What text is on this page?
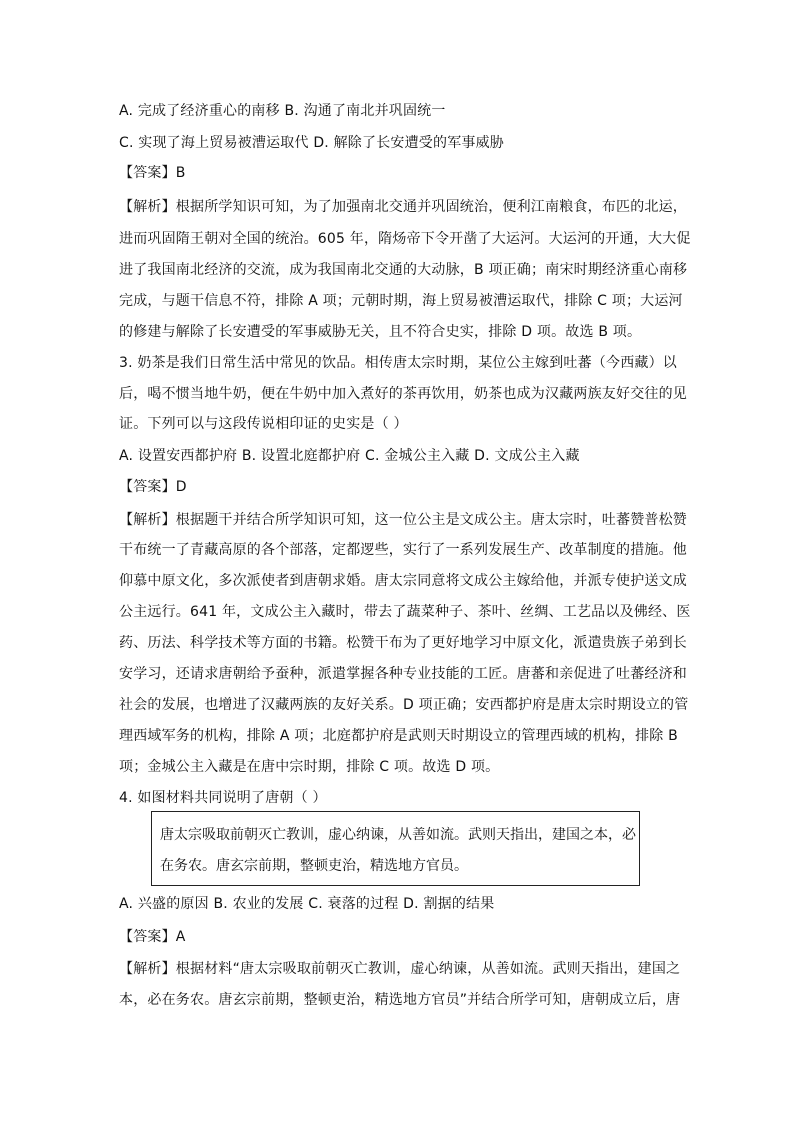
A. 完成了经济重心的南移 B. 沟通了南北并巩固统一
C. 实现了海上贸易被漕运取代 D. 解除了长安遭受的军事威胁
【答案】B
【解析】根据所学知识可知，为了加强南北交通并巩固统治，便利江南粮食，布匹的北运，
进而巩固隋王朝对全国的统治。605 年，隋炀帝下令开凿了大运河。大运河的开通，大大促
进了我国南北经济的交流，成为我国南北交通的大动脉，B 项正确；南宋时期经济重心南移
完成，与题干信息不符，排除 A 项；元朝时期，海上贸易被漕运取代，排除 C 项；大运河
的修建与解除了长安遭受的军事威胁无关，且不符合史实，排除 D 项。故选 B 项。
3. 奶茶是我们日常生活中常见的饮品。相传唐太宗时期，某位公主嫁到吐蕃（今西藏）以
后，喝不惯当地牛奶，便在牛奶中加入煮好的茶再饮用，奶茶也成为汉藏两族友好交往的见
证。下列可以与这段传说相印证的史实是（ ）
A. 设置安西都护府 B. 设置北庭都护府 C. 金城公主入藏 D. 文成公主入藏
【答案】D
【解析】根据题干并结合所学知识可知，这一位公主是文成公主。唐太宗时，吐蕃赞普松赞
干布统一了青藏高原的各个部落，定都逻些，实行了一系列发展生产、改革制度的措施。他
仰慕中原文化，多次派使者到唐朝求婚。唐太宗同意将文成公主嫁给他，并派专使护送文成
公主远行。641 年，文成公主入藏时，带去了蔬菜种子、茶叶、丝绸、工艺品以及佛经、医
药、历法、科学技术等方面的书籍。松赞干布为了更好地学习中原文化，派遣贵族子弟到长
安学习，还请求唐朝给予蚕种，派遣掌握各种专业技能的工匠。唐蕃和亲促进了吐蕃经济和
社会的发展，也增进了汉藏两族的友好关系。D 项正确；安西都护府是唐太宗时期设立的管
理西域军务的机构，排除 A 项；北庭都护府是武则天时期设立的管理西域的机构，排除 B
项；金城公主入藏是在唐中宗时期，排除 C 项。故选 D 项。
4. 如图材料共同说明了唐朝（ ）
唐太宗吸取前朝灭亡教训，虚心纳谏，从善如流。武则天指出，建国之本，必
在务农。唐玄宗前期，整顿吏治，精选地方官员。
A. 兴盛的原因 B. 农业的发展 C. 衰落的过程 D. 割据的结果
【答案】A
【解析】根据材料“唐太宗吸取前朝灭亡教训，虚心纳谏，从善如流。武则天指出，建国之
本，必在务农。唐玄宗前期，整顿吏治，精选地方官员”并结合所学可知，唐朝成立后，唐
